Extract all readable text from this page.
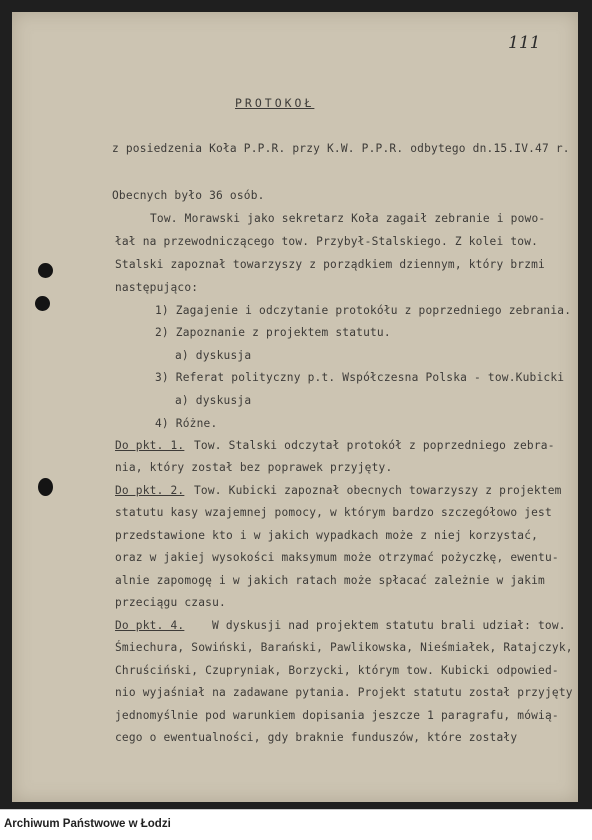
111
PROTOKOŁ
z posiedzenia Koła P.P.R. przy K.W. P.P.R. odbytego dn.15.IV.47 r.
Obecnych było 36 osób.
Tow. Morawski jako sekretarz Koła zagaił zebranie i powo-
łał na przewodniczącego tow. Przybył-Stalskiego. Z kolei tow.
Stalski zapoznał towarzyszy z porządkiem dziennym, który brzmi
następująco:
1) Zagajenie i odczytanie protokółu z poprzedniego zebrania.
2) Zapoznanie z projektem statutu.
a) dyskusja
3) Referat polityczny p.t. Współczesna Polska - tow.Kubicki
a) dyskusja
4) Różne.
Do pkt. 1. Tow. Stalski odczytał protokół z poprzedniego zebra-
nia, który został bez poprawek przyjęty.
Do pkt. 2. Tow. Kubicki zapoznał obecnych towarzyszy z projektem
statutu kasy wzajemnej pomocy, w którym bardzo szczegółowo jest
przedstawione kto i w jakich wypadkach może z niej korzystać,
oraz w jakiej wysokości maksymum może otrzymać pożyczkę, ewentu-
alnie zapomogę i w jakich ratach może spłacać zależnie w jakim
przeciągu czasu.
Do pkt. 4. W dyskusji nad projektem statutu brali udział: tow.
Śmiechura, Sowiński, Barański, Pawlikowska, Nieśmiałek, Ratajczyk,
Chruściński, Czupryniak, Borzycki, którym tow. Kubicki odpowied-
nio wyjaśniał na zadawane pytania. Projekt statutu został przyjęty
jednomyślnie pod warunkiem dopisania jeszcze 1 paragrafu, mówią-
cego o ewentualności, gdy braknie funduszów, które zostały
Archiwum Państwowe w Łodzi
